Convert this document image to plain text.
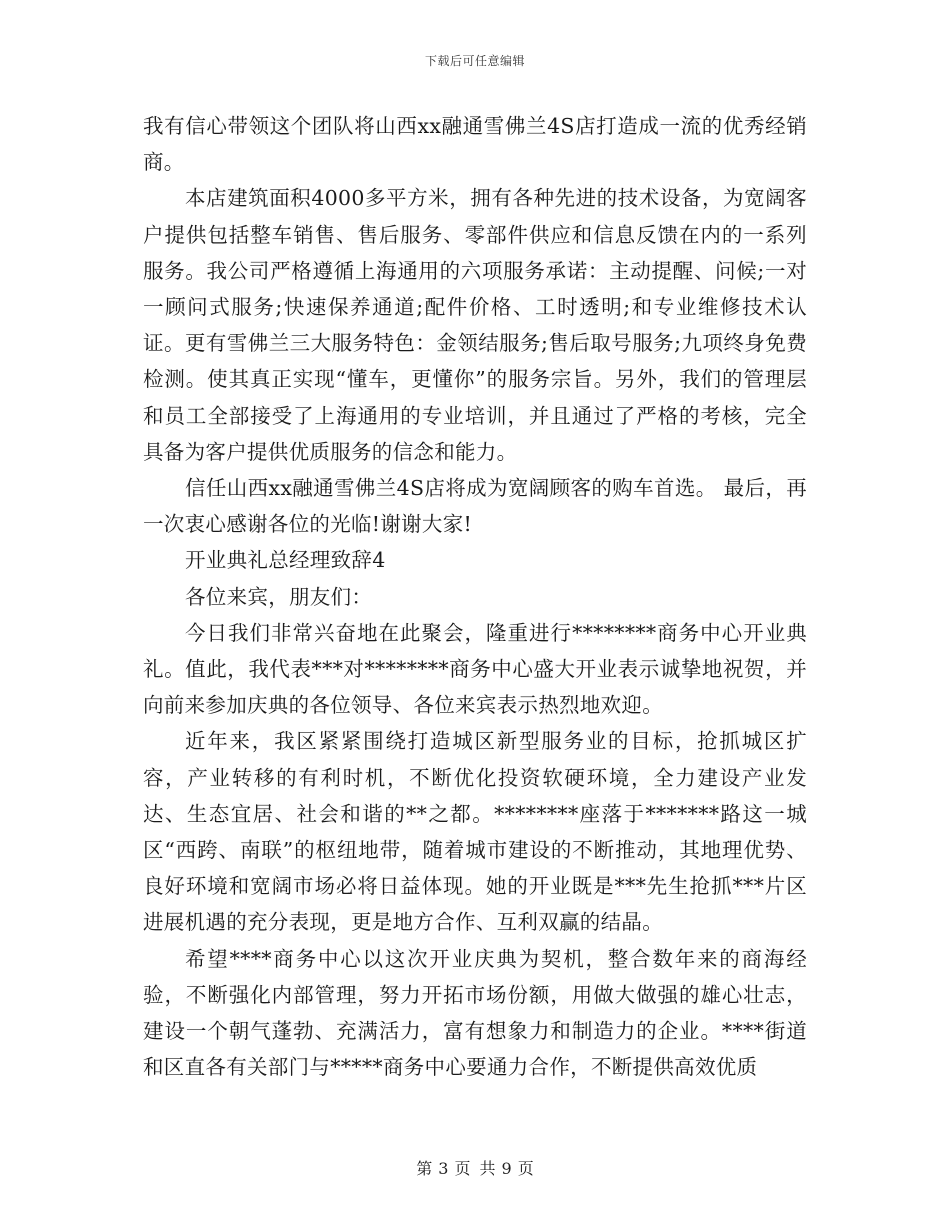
下载后可任意编辑

我有信心带领这个团队将山西xx融通雪佛兰4S店打造成一流的优秀经销商。

本店建筑面积4000多平方米，拥有各种先进的技术设备，为宽阔客户提供包括整车销售、售后服务、零部件供应和信息反馈在内的一系列服务。我公司严格遵循上海通用的六项服务承诺：主动提醒、问候;一对一顾问式服务;快速保养通道;配件价格、工时透明;和专业维修技术认证。更有雪佛兰三大服务特色：金领结服务;售后取号服务;九项终身免费检测。使其真正实现“懂车，更懂你”的服务宗旨。另外，我们的管理层和员工全部接受了上海通用的专业培训，并且通过了严格的考核，完全具备为客户提供优质服务的信念和能力。

信任山西xx融通雪佛兰4S店将成为宽阔顾客的购车首选。 最后，再一次衷心感谢各位的光临!谢谢大家!

开业典礼总经理致辞4

各位来宾，朋友们：

今日我们非常兴奋地在此聚会，隆重进行********商务中心开业典礼。值此，我代表***对********商务中心盛大开业表示诚挚地祝贺，并向前来参加庆典的各位领导、各位来宾表示热烈地欢迎。

近年来，我区紧紧围绕打造城区新型服务业的目标，抢抓城区扩容，产业转移的有利时机，不断优化投资软硬环境，全力建设产业发达、生态宜居、社会和谐的**之都。********座落于*******路这一城区“西跨、南联”的枢纽地带，随着城市建设的不断推动，其地理优势、良好环境和宽阔市场必将日益体现。她的开业既是***先生抢抓***片区进展机遇的充分表现，更是地方合作、互利双赢的结晶。

希望****商务中心以这次开业庆典为契机，整合数年来的商海经验，不断强化内部管理，努力开拓市场份额，用做大做强的雄心壮志，建设一个朝气蓬勃、充满活力，富有想象力和制造力的企业。****街道和区直各有关部门与*****商务中心要通力合作，不断提供高效优质

第 3 页 共 9 页
